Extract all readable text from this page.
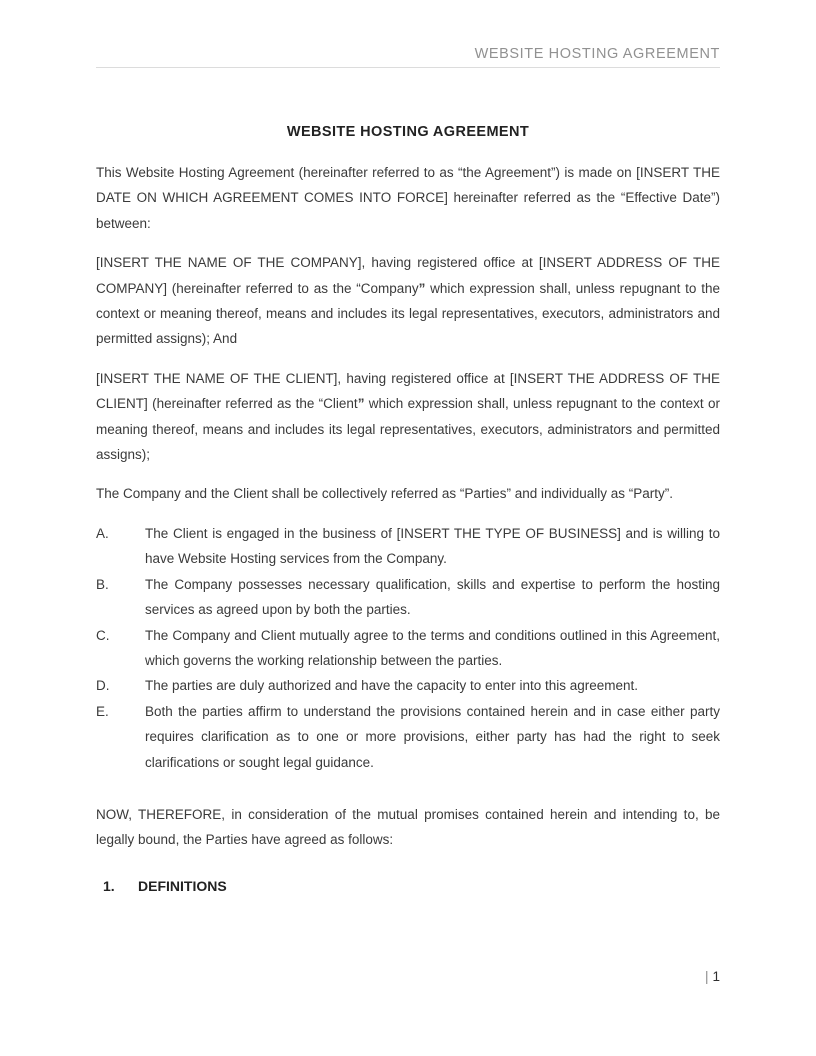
WEBSITE HOSTING AGREEMENT
WEBSITE HOSTING AGREEMENT

This Website Hosting Agreement (hereinafter referred to as “the Agreement”) is made on [INSERT THE DATE ON WHICH AGREEMENT COMES INTO FORCE] hereinafter referred as the “Effective Date”) between:

[INSERT THE NAME OF THE COMPANY], having registered office at [INSERT ADDRESS OF THE COMPANY] (hereinafter referred to as the “Company” which expression shall, unless repugnant to the context or meaning thereof, means and includes its legal representatives, executors, administrators and permitted assigns); And

[INSERT THE NAME OF THE CLIENT], having registered office at [INSERT THE ADDRESS OF THE CLIENT] (hereinafter referred as the “Client” which expression shall, unless repugnant to the context or meaning thereof, means and includes its legal representatives, executors, administrators and permitted assigns);

The Company and the Client shall be collectively referred as “Parties” and individually as “Party”.

A.	The Client is engaged in the business of [INSERT THE TYPE OF BUSINESS] and is willing to have Website Hosting services from the Company.
B.	The Company possesses necessary qualification, skills and expertise to perform the hosting services as agreed upon by both the parties.
C.	The Company and Client mutually agree to the terms and conditions outlined in this Agreement, which governs the working relationship between the parties.
D.	The parties are duly authorized and have the capacity to enter into this agreement.
E.	Both the parties affirm to understand the provisions contained herein and in case either party requires clarification as to one or more provisions, either party has had the right to seek clarifications or sought legal guidance.

NOW, THEREFORE, in consideration of the mutual promises contained herein and intending to, be legally bound, the Parties have agreed as follows:

1.	DEFINITIONS
| 1
